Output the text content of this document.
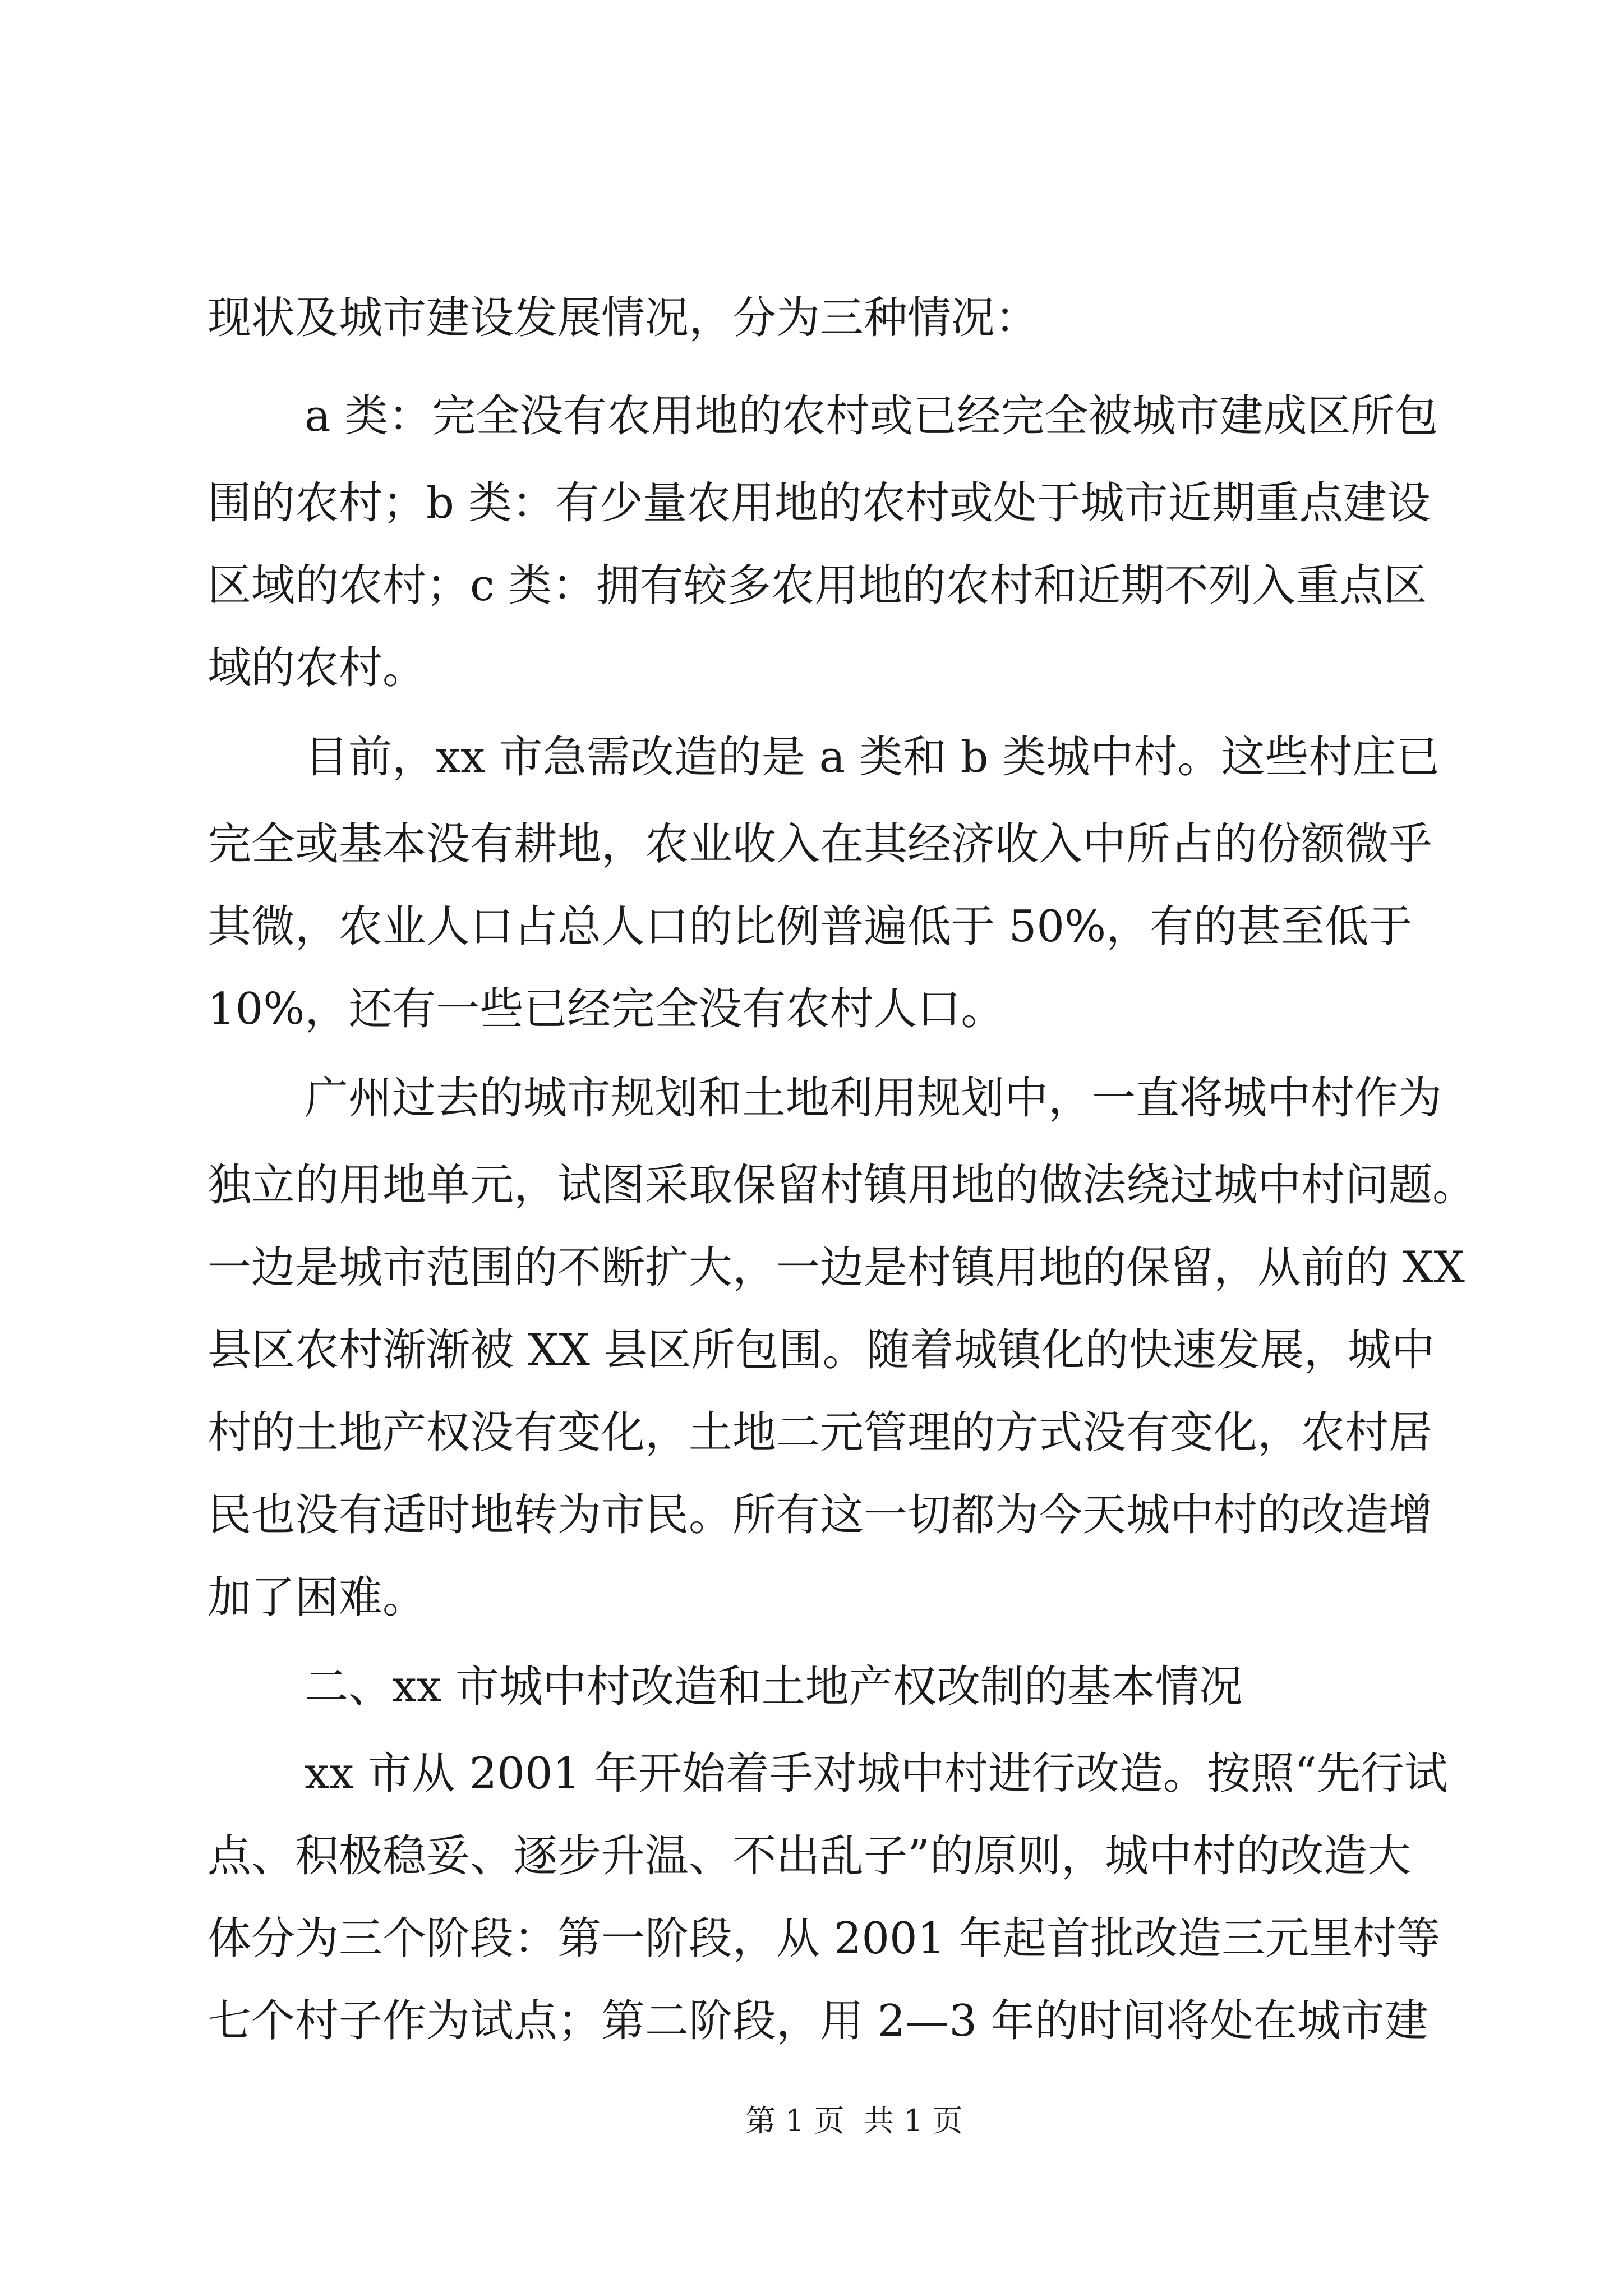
现状及城市建设发展情况，分为三种情况：
a 类：完全没有农用地的农村或已经完全被城市建成区所包
围的农村；b 类：有少量农用地的农村或处于城市近期重点建设
区域的农村；c 类：拥有较多农用地的农村和近期不列入重点区
域的农村。
目前，xx 市急需改造的是 a 类和 b 类城中村。这些村庄已
完全或基本没有耕地，农业收入在其经济收入中所占的份额微乎
其微，农业人口占总人口的比例普遍低于 50%，有的甚至低于
10%，还有一些已经完全没有农村人口。
广州过去的城市规划和土地利用规划中，一直将城中村作为
独立的用地单元，试图采取保留村镇用地的做法绕过城中村问题。
一边是城市范围的不断扩大，一边是村镇用地的保留，从前的 XX
县区农村渐渐被 XX 县区所包围。随着城镇化的快速发展，城中
村的土地产权没有变化，土地二元管理的方式没有变化，农村居
民也没有适时地转为市民。所有这一切都为今天城中村的改造增
加了困难。
二、xx 市城中村改造和土地产权改制的基本情况
xx 市从 2001 年开始着手对城中村进行改造。按照“先行试
点、积极稳妥、逐步升温、不出乱子”的原则，城中村的改造大
体分为三个阶段：第一阶段，从 2001 年起首批改造三元里村等
七个村子作为试点；第二阶段，用 2—3 年的时间将处在城市建
第 1 页  共 1 页
